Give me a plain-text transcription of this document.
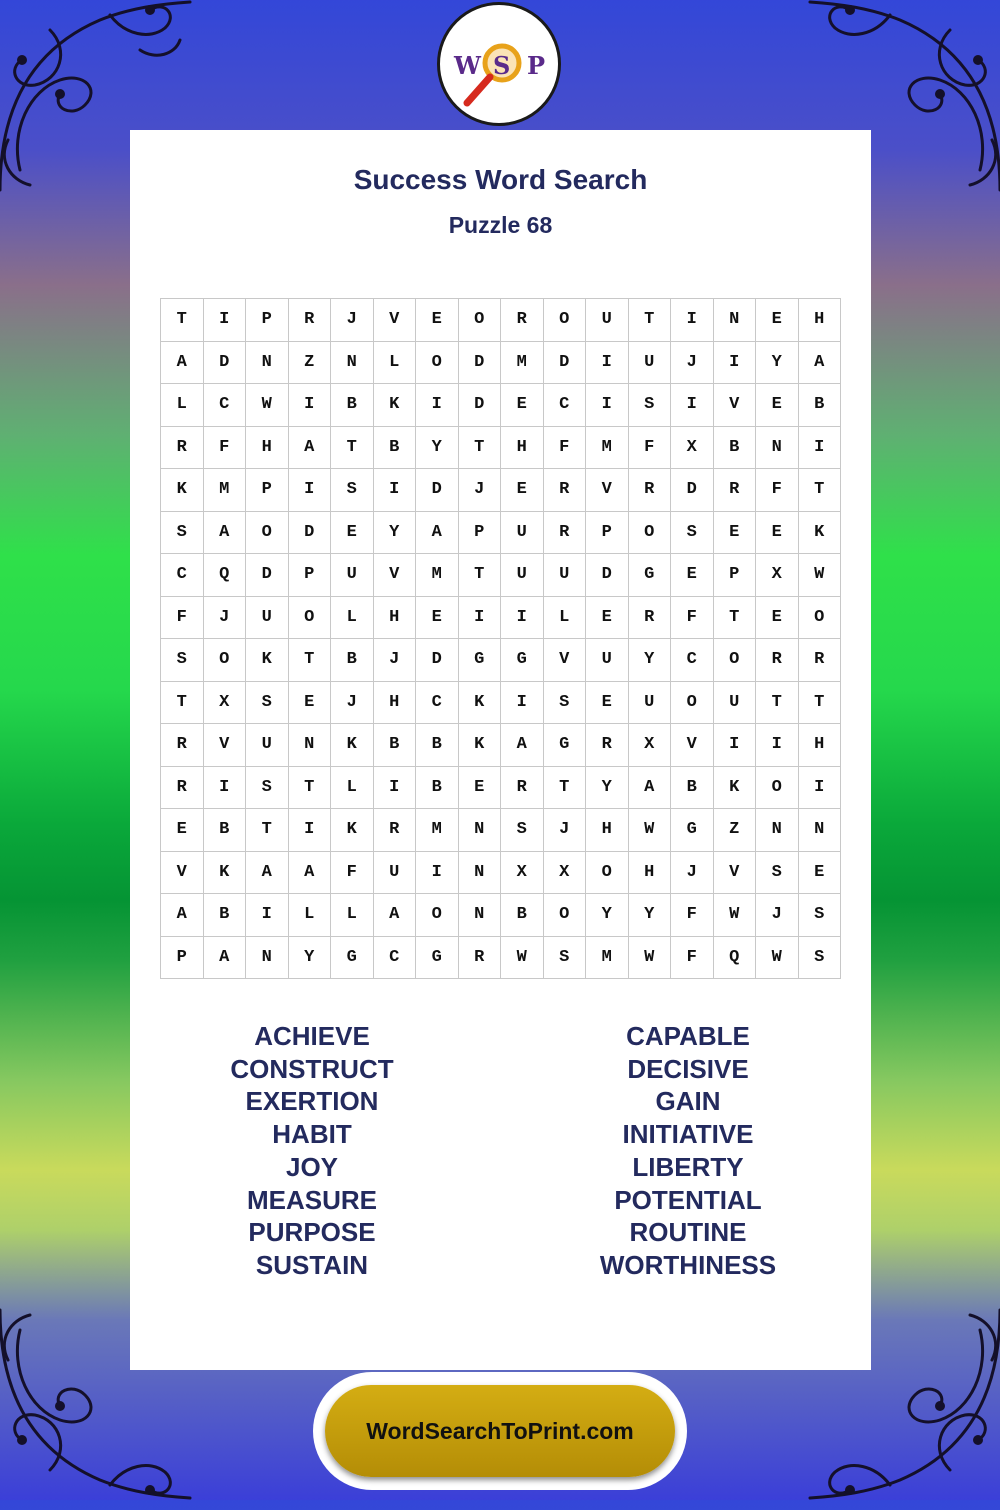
Success Word Search
Puzzle 68
T	I	P	R	J	V	E	O	R	O	U	T	I	N	E	H
A	D	N	Z	N	L	O	D	M	D	I	U	J	I	Y	A
L	C	W	I	B	K	I	D	E	C	I	S	I	V	E	B
R	F	H	A	T	B	Y	T	H	F	M	F	X	B	N	I
K	M	P	I	S	I	D	J	E	R	V	R	D	R	F	T
S	A	O	D	E	Y	A	P	U	R	P	O	S	E	E	K
C	Q	D	P	U	V	M	T	U	U	D	G	E	P	X	W
F	J	U	O	L	H	E	I	I	L	E	R	F	T	E	O
S	O	K	T	B	J	D	G	G	V	U	Y	C	O	R	R
T	X	S	E	J	H	C	K	I	S	E	U	O	U	T	T
R	V	U	N	K	B	B	K	A	G	R	X	V	I	I	H
R	I	S	T	L	I	B	E	R	T	Y	A	B	K	O	I
E	B	T	I	K	R	M	N	S	J	H	W	G	Z	N	N
V	K	A	A	F	U	I	N	X	X	O	H	J	V	S	E
A	B	I	L	L	A	O	N	B	O	Y	Y	F	W	J	S
P	A	N	Y	G	C	G	R	W	S	M	W	F	Q	W	S
ACHIEVE
CONSTRUCT
EXERTION
HABIT
JOY
MEASURE
PURPOSE
SUSTAIN
CAPABLE
DECISIVE
GAIN
INITIATIVE
LIBERTY
POTENTIAL
ROUTINE
WORTHINESS
W S P
WordSearchToPrint.com
